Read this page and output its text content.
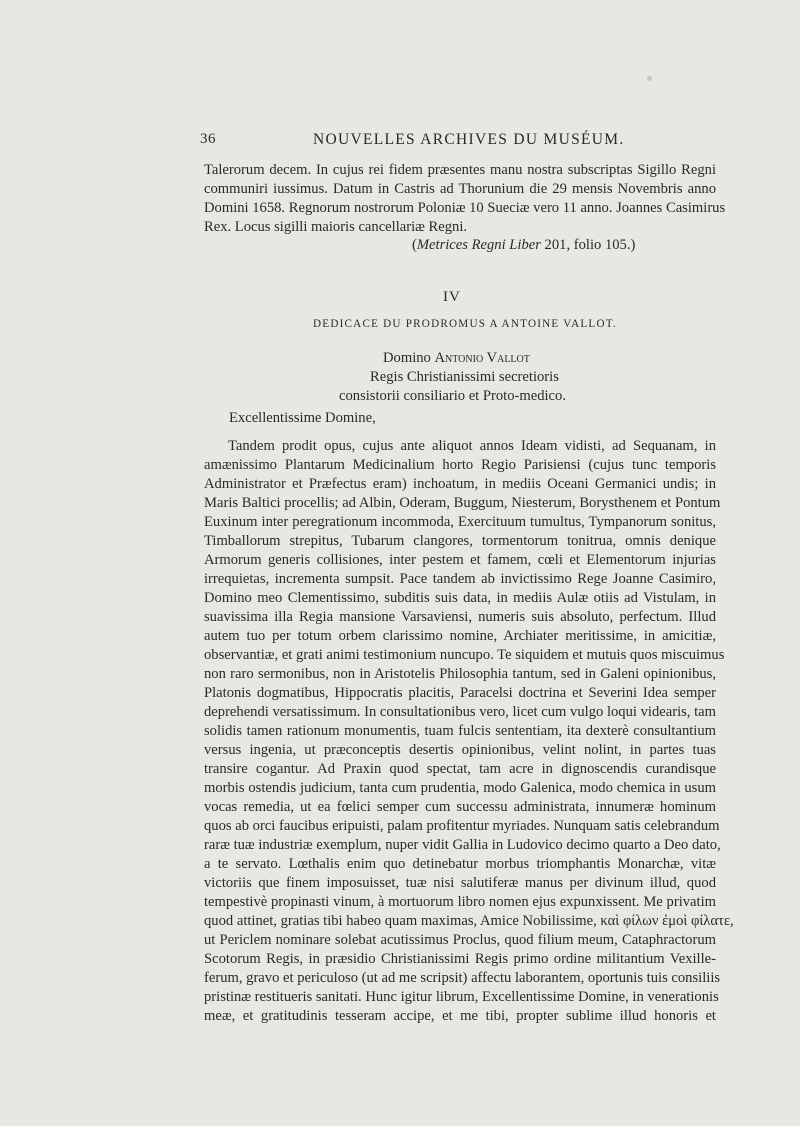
36	NOUVELLES ARCHIVES DU MUSÉUM.
Talerorum decem. In cujus rei fidem præsentes manu nostra subscriptas Sigillo Regni
communiri iussimus. Datum in Castris ad Thorunium die 29 mensis Novembris anno
Domini 1658. Regnorum nostrorum Poloniæ 10 Sueciæ vero 11 anno. Joannes Casimirus
Rex. Locus sigilli maioris cancellariæ Regni.
(Metrices Regni Liber 201, folio 105.)
IV
DEDICACE DU PRODROMUS A ANTOINE VALLOT.
Domino Antonio Vallot
Regis Christianissimi secretioris
consistorii consiliario et Proto-medico.
Excellentissime Domine,
Tandem prodit opus, cujus ante aliquot annos Ideam vidisti, ad Sequanam, in
amænissimo Plantarum Medicinalium horto Regio Parisiensi (cujus tunc temporis
Administrator et Præfectus eram) inchoatum, in mediis Oceani Germanici undis; in
Maris Baltici procellis; ad Albin, Oderam, Buggum, Niesterum, Borysthenem et Pontum
Euxinum inter peregrationum incommoda, Exercituum tumultus, Tympanorum sonitus,
Timballorum strepitus, Tubarum clangores, tormentorum tonitrua, omnis denique
Armorum generis collisiones, inter pestem et famem, cœli et Elementorum injurias
irrequietas, incrementa sumpsit. Pace tandem ab invictissimo Rege Joanne Casimiro,
Domino meo Clementissimo, subditis suis data, in mediis Aulæ otiis ad Vistulam, in
suavissima illa Regia mansione Varsaviensi, numeris suis absoluto, perfectum. Illud
autem tuo per totum orbem clarissimo nomine, Archiater meritissime, in amicitiæ,
observantiæ, et grati animi testimonium nuncupo. Te siquidem et mutuis quos miscuimus
non raro sermonibus, non in Aristotelis Philosophia tantum, sed in Galeni opinionibus,
Platonis dogmatibus, Hippocratis placitis, Paracelsi doctrina et Severini Idea semper
deprehendi versatissimum. In consultationibus vero, licet cum vulgo loqui videaris, tam
solidis tamen rationum monumentis, tuam fulcis sententiam, ita dexterè consultantium
versus ingenia, ut præconceptis desertis opinionibus, velint nolint, in partes tuas
transire cogantur. Ad Praxin quod spectat, tam acre in dignoscendis curandisque
morbis ostendis judicium, tanta cum prudentia, modo Galenica, modo chemica in usum
vocas remedia, ut ea fœlici semper cum successu administrata, innumeræ hominum
quos ab orci faucibus eripuisti, palam profitentur myriades. Nunquam satis celebrandum
raræ tuæ industriæ exemplum, nuper vidit Gallia in Ludovico decimo quarto a Deo dato,
a te servato. Lœthalis enim quo detinebatur morbus triomphantis Monarchæ, vitæ
victoriis que finem imposuisset, tuæ nisi salutiferæ manus per divinum illud, quod
tempestivè propinasti vinum, à mortuorum libro nomen ejus expunxissent. Me privatim
quod attinet, gratias tibi habeo quam maximas, Amice Nobilissime, καὶ φίλων ἐμοὶ φίλατε,
ut Periclem nominare solebat acutissimus Proclus, quod filium meum, Cataphractorum
Scotorum Regis, in præsidio Christianissimi Regis primo ordine militantium Vexille-
ferum, gravo et periculoso (ut ad me scripsit) affectu laborantem, oportunis tuis consiliis
pristinæ restitueris sanitati. Hunc igitur librum, Excellentissime Domine, in venerationis
meæ, et gratitudinis tesseram accipe, et me tibi, propter sublime illud honoris et
